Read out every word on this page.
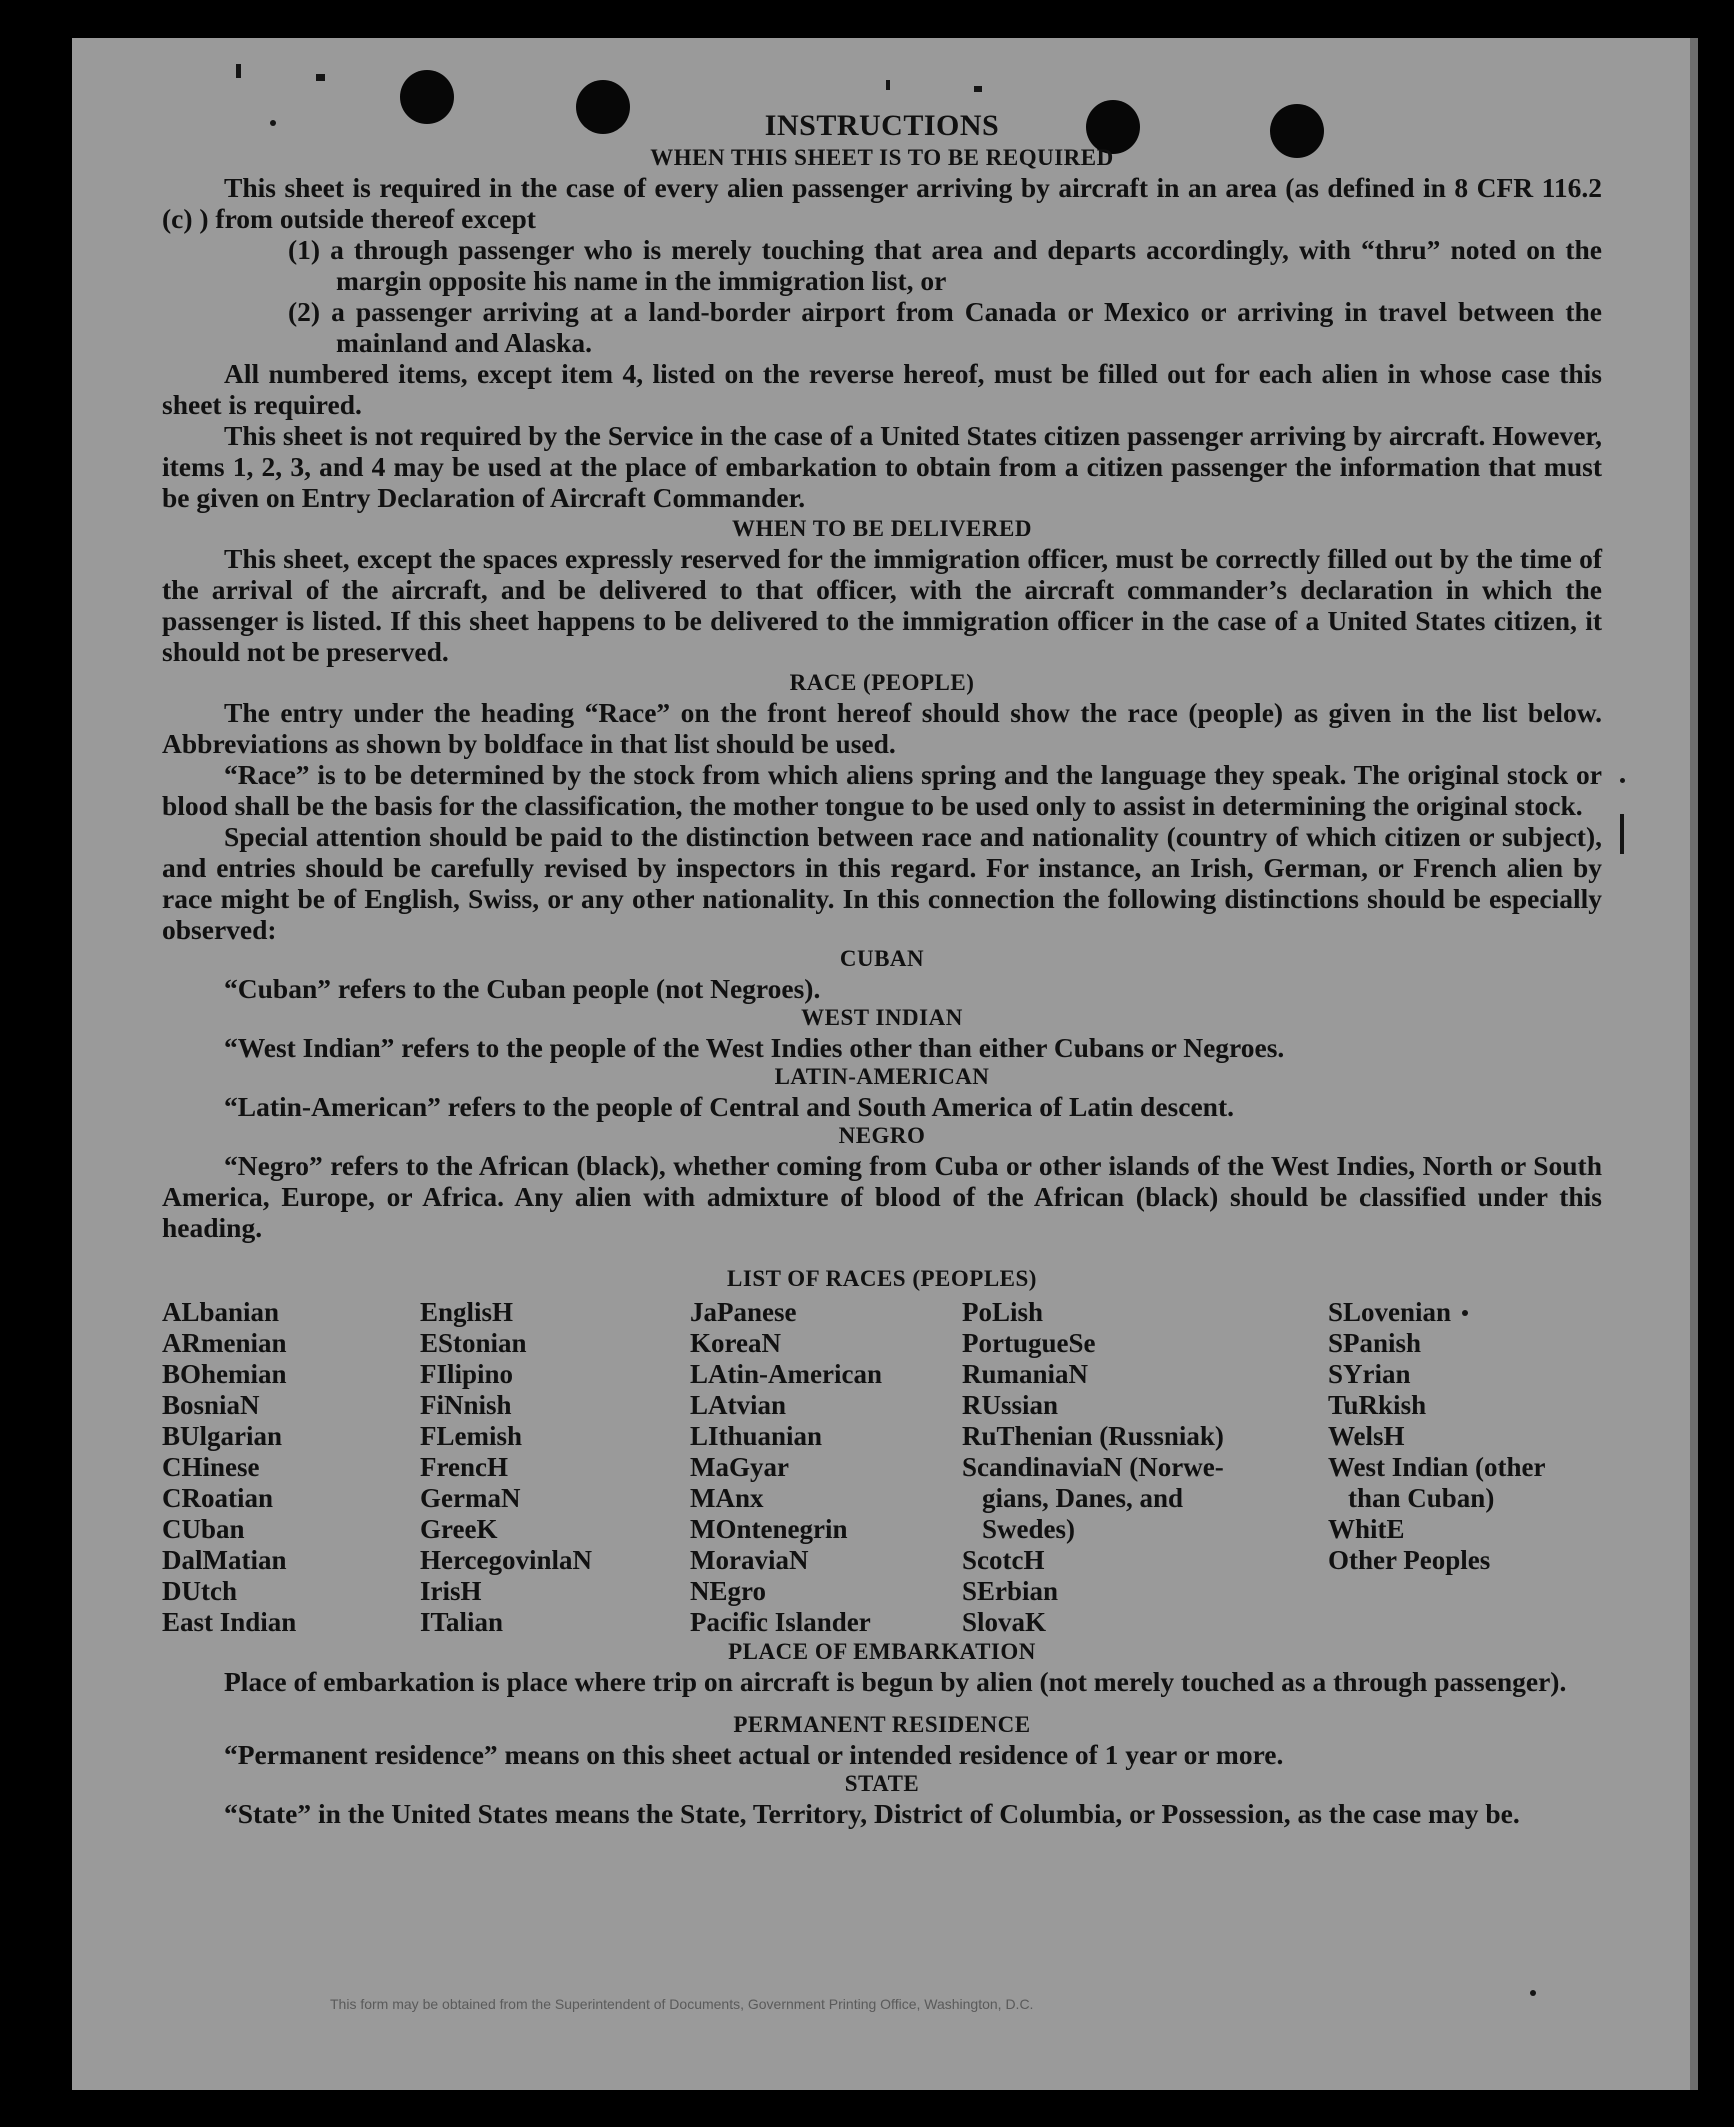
INSTRUCTIONS
WHEN THIS SHEET IS TO BE REQUIRED

This sheet is required in the case of every alien passenger arriving by aircraft in an area (as defined in 8 CFR 116.2 (c) ) from outside thereof except

(1) a through passenger who is merely touching that area and departs accordingly, with “thru” noted on the margin opposite his name in the immigration list, or

(2) a passenger arriving at a land-border airport from Canada or Mexico or arriving in travel between the mainland and Alaska.

All numbered items, except item 4, listed on the reverse hereof, must be filled out for each alien in whose case this sheet is required.

This sheet is not required by the Service in the case of a United States citizen passenger arriving by aircraft. However, items 1, 2, 3, and 4 may be used at the place of embarkation to obtain from a citizen passenger the information that must be given on Entry Declaration of Aircraft Commander.

WHEN TO BE DELIVERED

This sheet, except the spaces expressly reserved for the immigration officer, must be correctly filled out by the time of the arrival of the aircraft, and be delivered to that officer, with the aircraft commander’s declaration in which the passenger is listed. If this sheet happens to be delivered to the immigration officer in the case of a United States citizen, it should not be preserved.

RACE (PEOPLE)

The entry under the heading “Race” on the front hereof should show the race (people) as given in the list below. Abbreviations as shown by boldface in that list should be used.

“Race” is to be determined by the stock from which aliens spring and the language they speak. The original stock or blood shall be the basis for the classification, the mother tongue to be used only to assist in determining the original stock.

Special attention should be paid to the distinction between race and nationality (country of which citizen or subject), and entries should be carefully revised by inspectors in this regard. For instance, an Irish, German, or French alien by race might be of English, Swiss, or any other nationality. In this connection the following distinctions should be especially observed:

CUBAN

“Cuban” refers to the Cuban people (not Negroes).

WEST INDIAN

“West Indian” refers to the people of the West Indies other than either Cubans or Negroes.

LATIN-AMERICAN

“Latin-American” refers to the people of Central and South America of Latin descent.

NEGRO

“Negro” refers to the African (black), whether coming from Cuba or other islands of the West Indies, North or South America, Europe, or Africa. Any alien with admixture of blood of the African (black) should be classified under this heading.

LIST OF RACES (PEOPLES)
ALbanian
ARmenian
BOhemian
BosniaN
BUlgarian
CHinese
CRoatian
CUban
DalMatian
DUtch
East Indian
EnglisH
EStonian
FIlipino
FiNnish
FLemish
FrencH
GermaN
GreeK
HercegovinlaN
IrisH
ITalian
JaPanese
KoreaN
LAtin-American
LAtvian
LIthuanian
MaGyar
MAnx
MOntenegrin
MoraviaN
NEgro
Pacific Islander
PoLish
PortugueSe
RumaniaN
RUssian
RuThenian (Russniak)
ScandinaviaN (Norwe-
gians, Danes, and
Swedes)
ScotcH
SErbian
SlovaK
SLovenian
SPanish
SYrian
TuRkish
WelsH
West Indian (other
than Cuban)
WhitE
Other Peoples
PLACE OF EMBARKATION

Place of embarkation is place where trip on aircraft is begun by alien (not merely touched as a through passenger).

PERMANENT RESIDENCE

“Permanent residence” means on this sheet actual or intended residence of 1 year or more.

STATE

“State” in the United States means the State, Territory, District of Columbia, or Possession, as the case may be.

This form may be obtained from the Superintendent of Documents, Government Printing Office, Washington, D.C.
